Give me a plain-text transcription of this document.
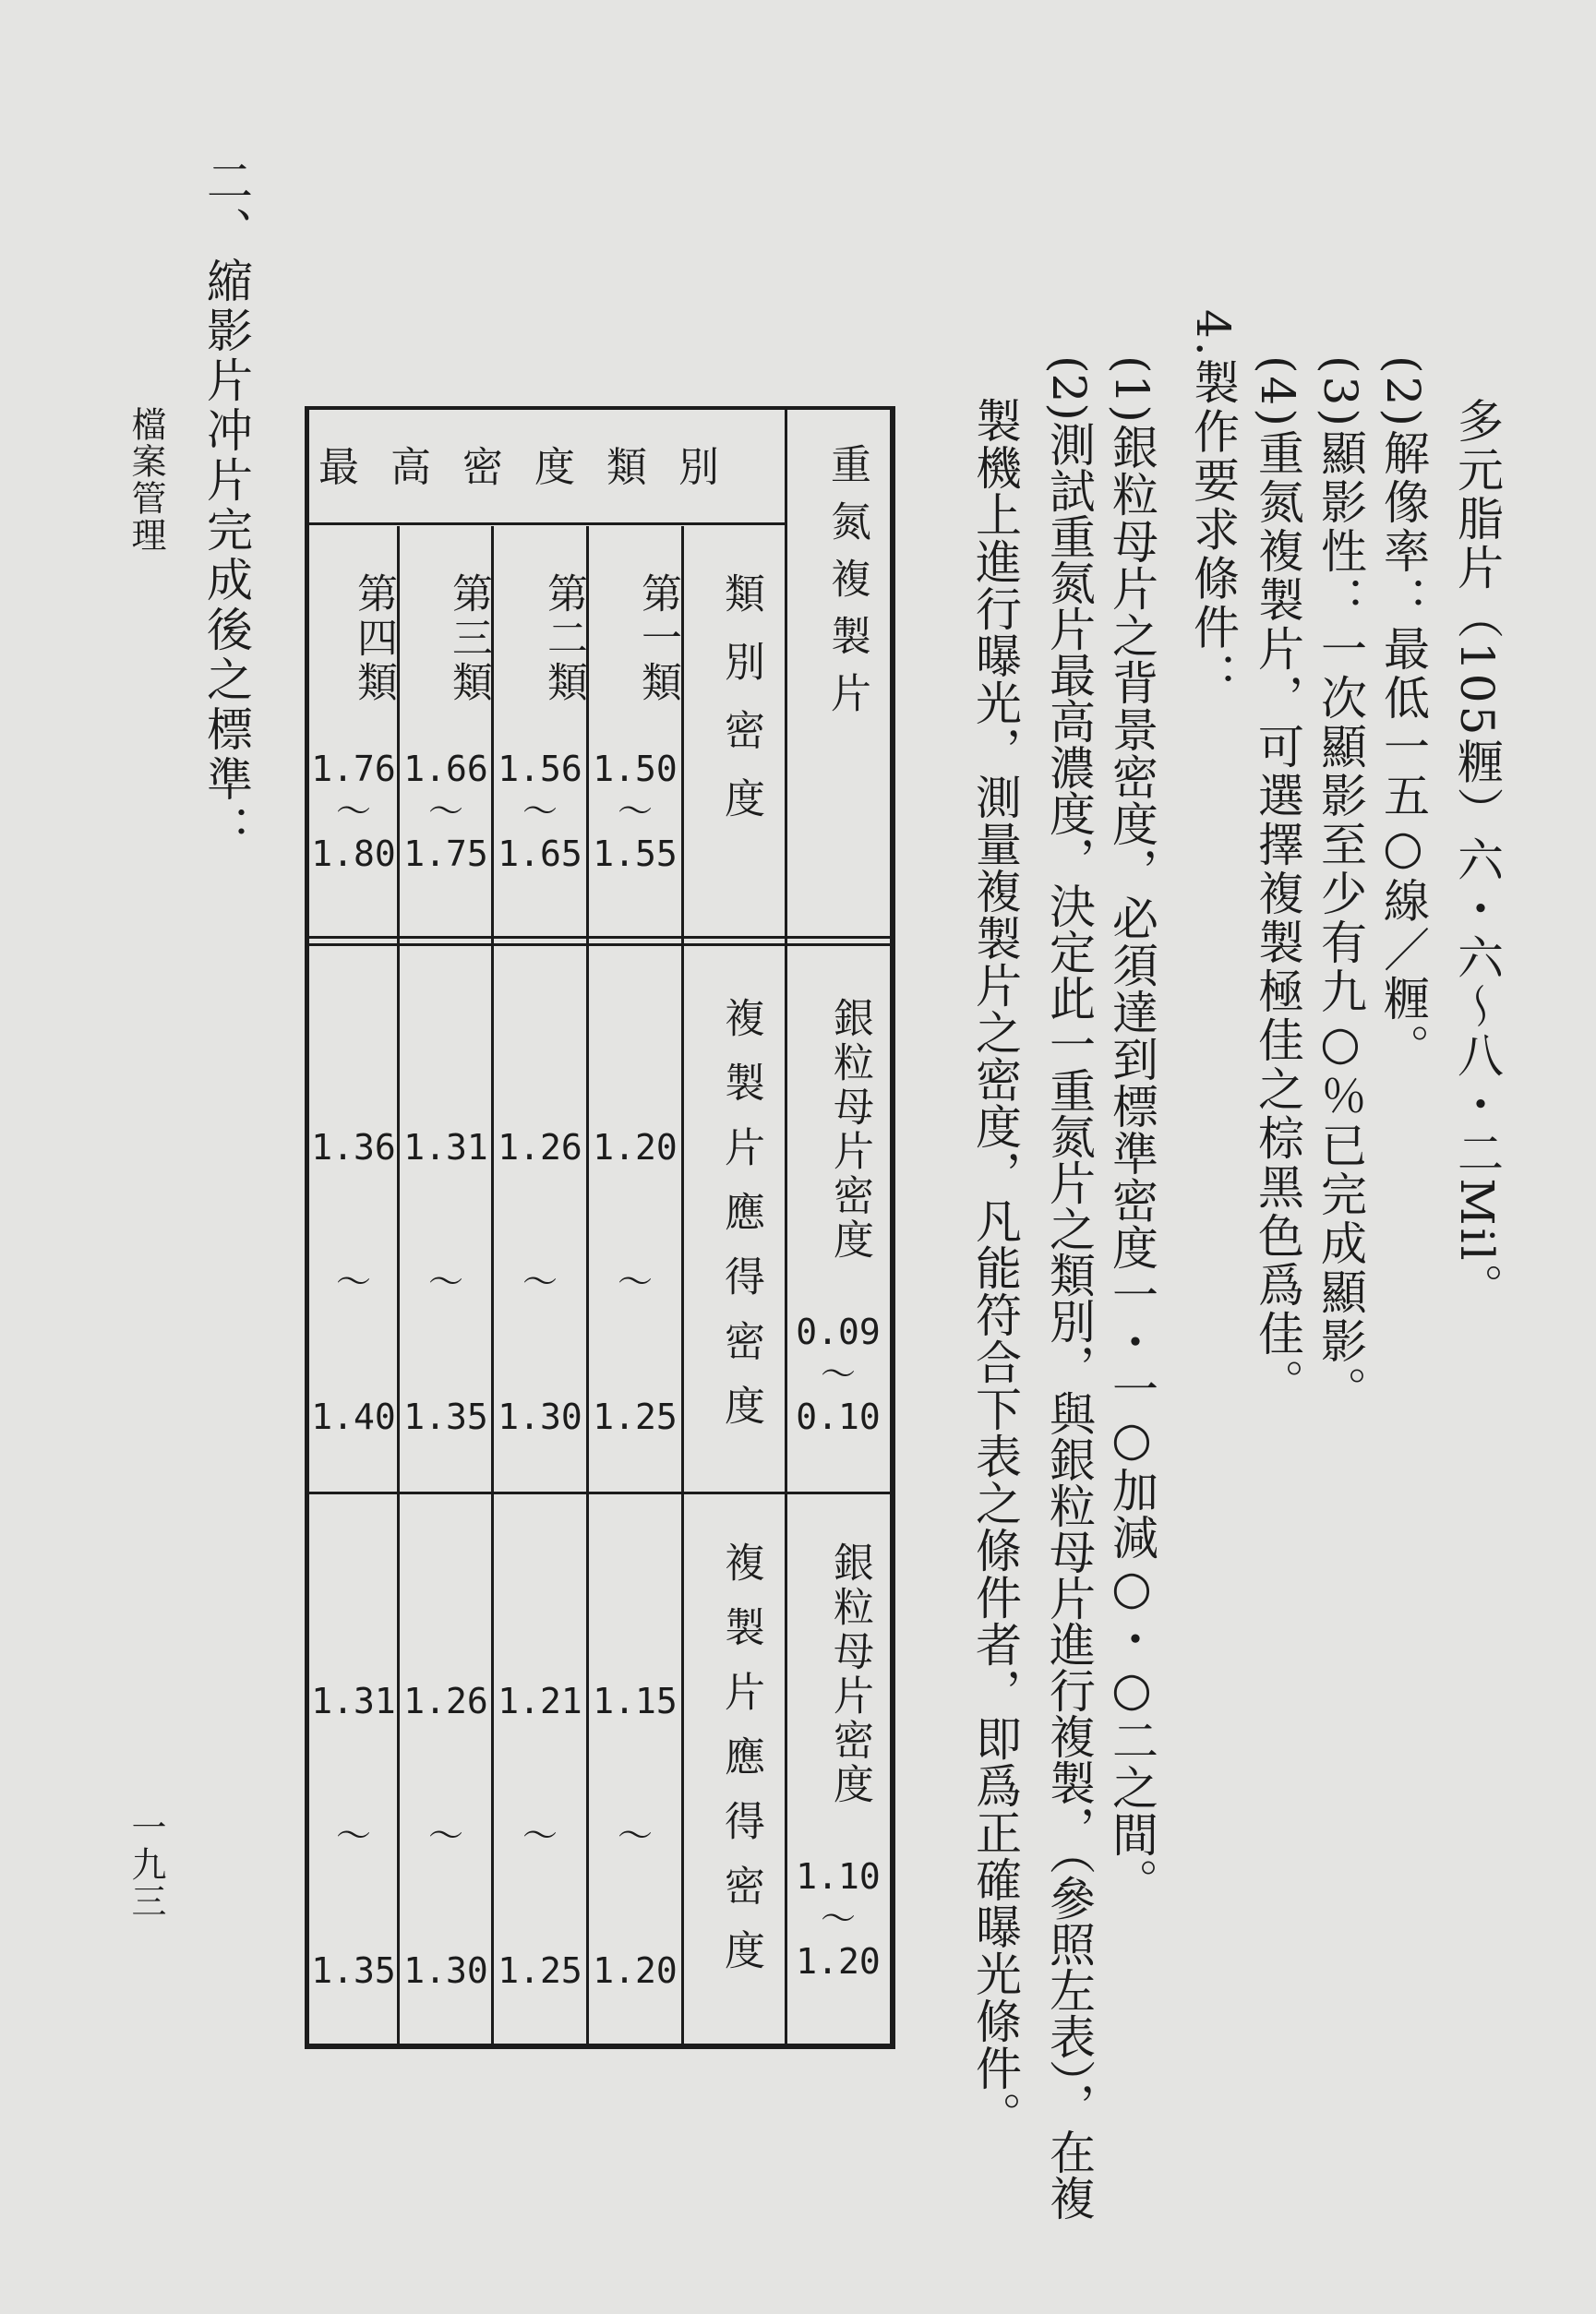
檔案管理

一九三

多元脂片（105糎）六・六〜八・二Mil。

(2)解像率：最低一五○線／糎。

(3)顯影性：一次顯影至少有九○％已完成顯影。

(4)重氮複製片，可選擇複製極佳之棕黑色爲佳。

4.製作要求條件：

(1)銀粒母片之背景密度，必須達到標準密度一・一○加減○・○二之間。

(2)測試重氮片最高濃度，決定此一重氮片之類別，與銀粒母片進行複製，（參照左表），在複

製機上進行曝光，測量複製片之密度，凡能符合下表之條件者，即爲正確曝光條件。

二、縮影片冲片完成後之標準：	重氮複製片
最高密度類別
類別密度
第一類
第二類
第三類
第四類
1.50
〜
1.55
1.56
〜
1.65
1.66
〜
1.75
1.76
〜
1.80
銀粒母片密度
0.09
〜
0.10
複製片應得密度
1.20
〜
1.25
1.26
〜
1.30
1.31
〜
1.35
1.36
〜
1.40
銀粒母片密度
1.10
〜
1.20
複製片應得密度
1.15
〜
1.20
1.21
〜
1.25
1.26
〜
1.30
1.31
〜
1.35
